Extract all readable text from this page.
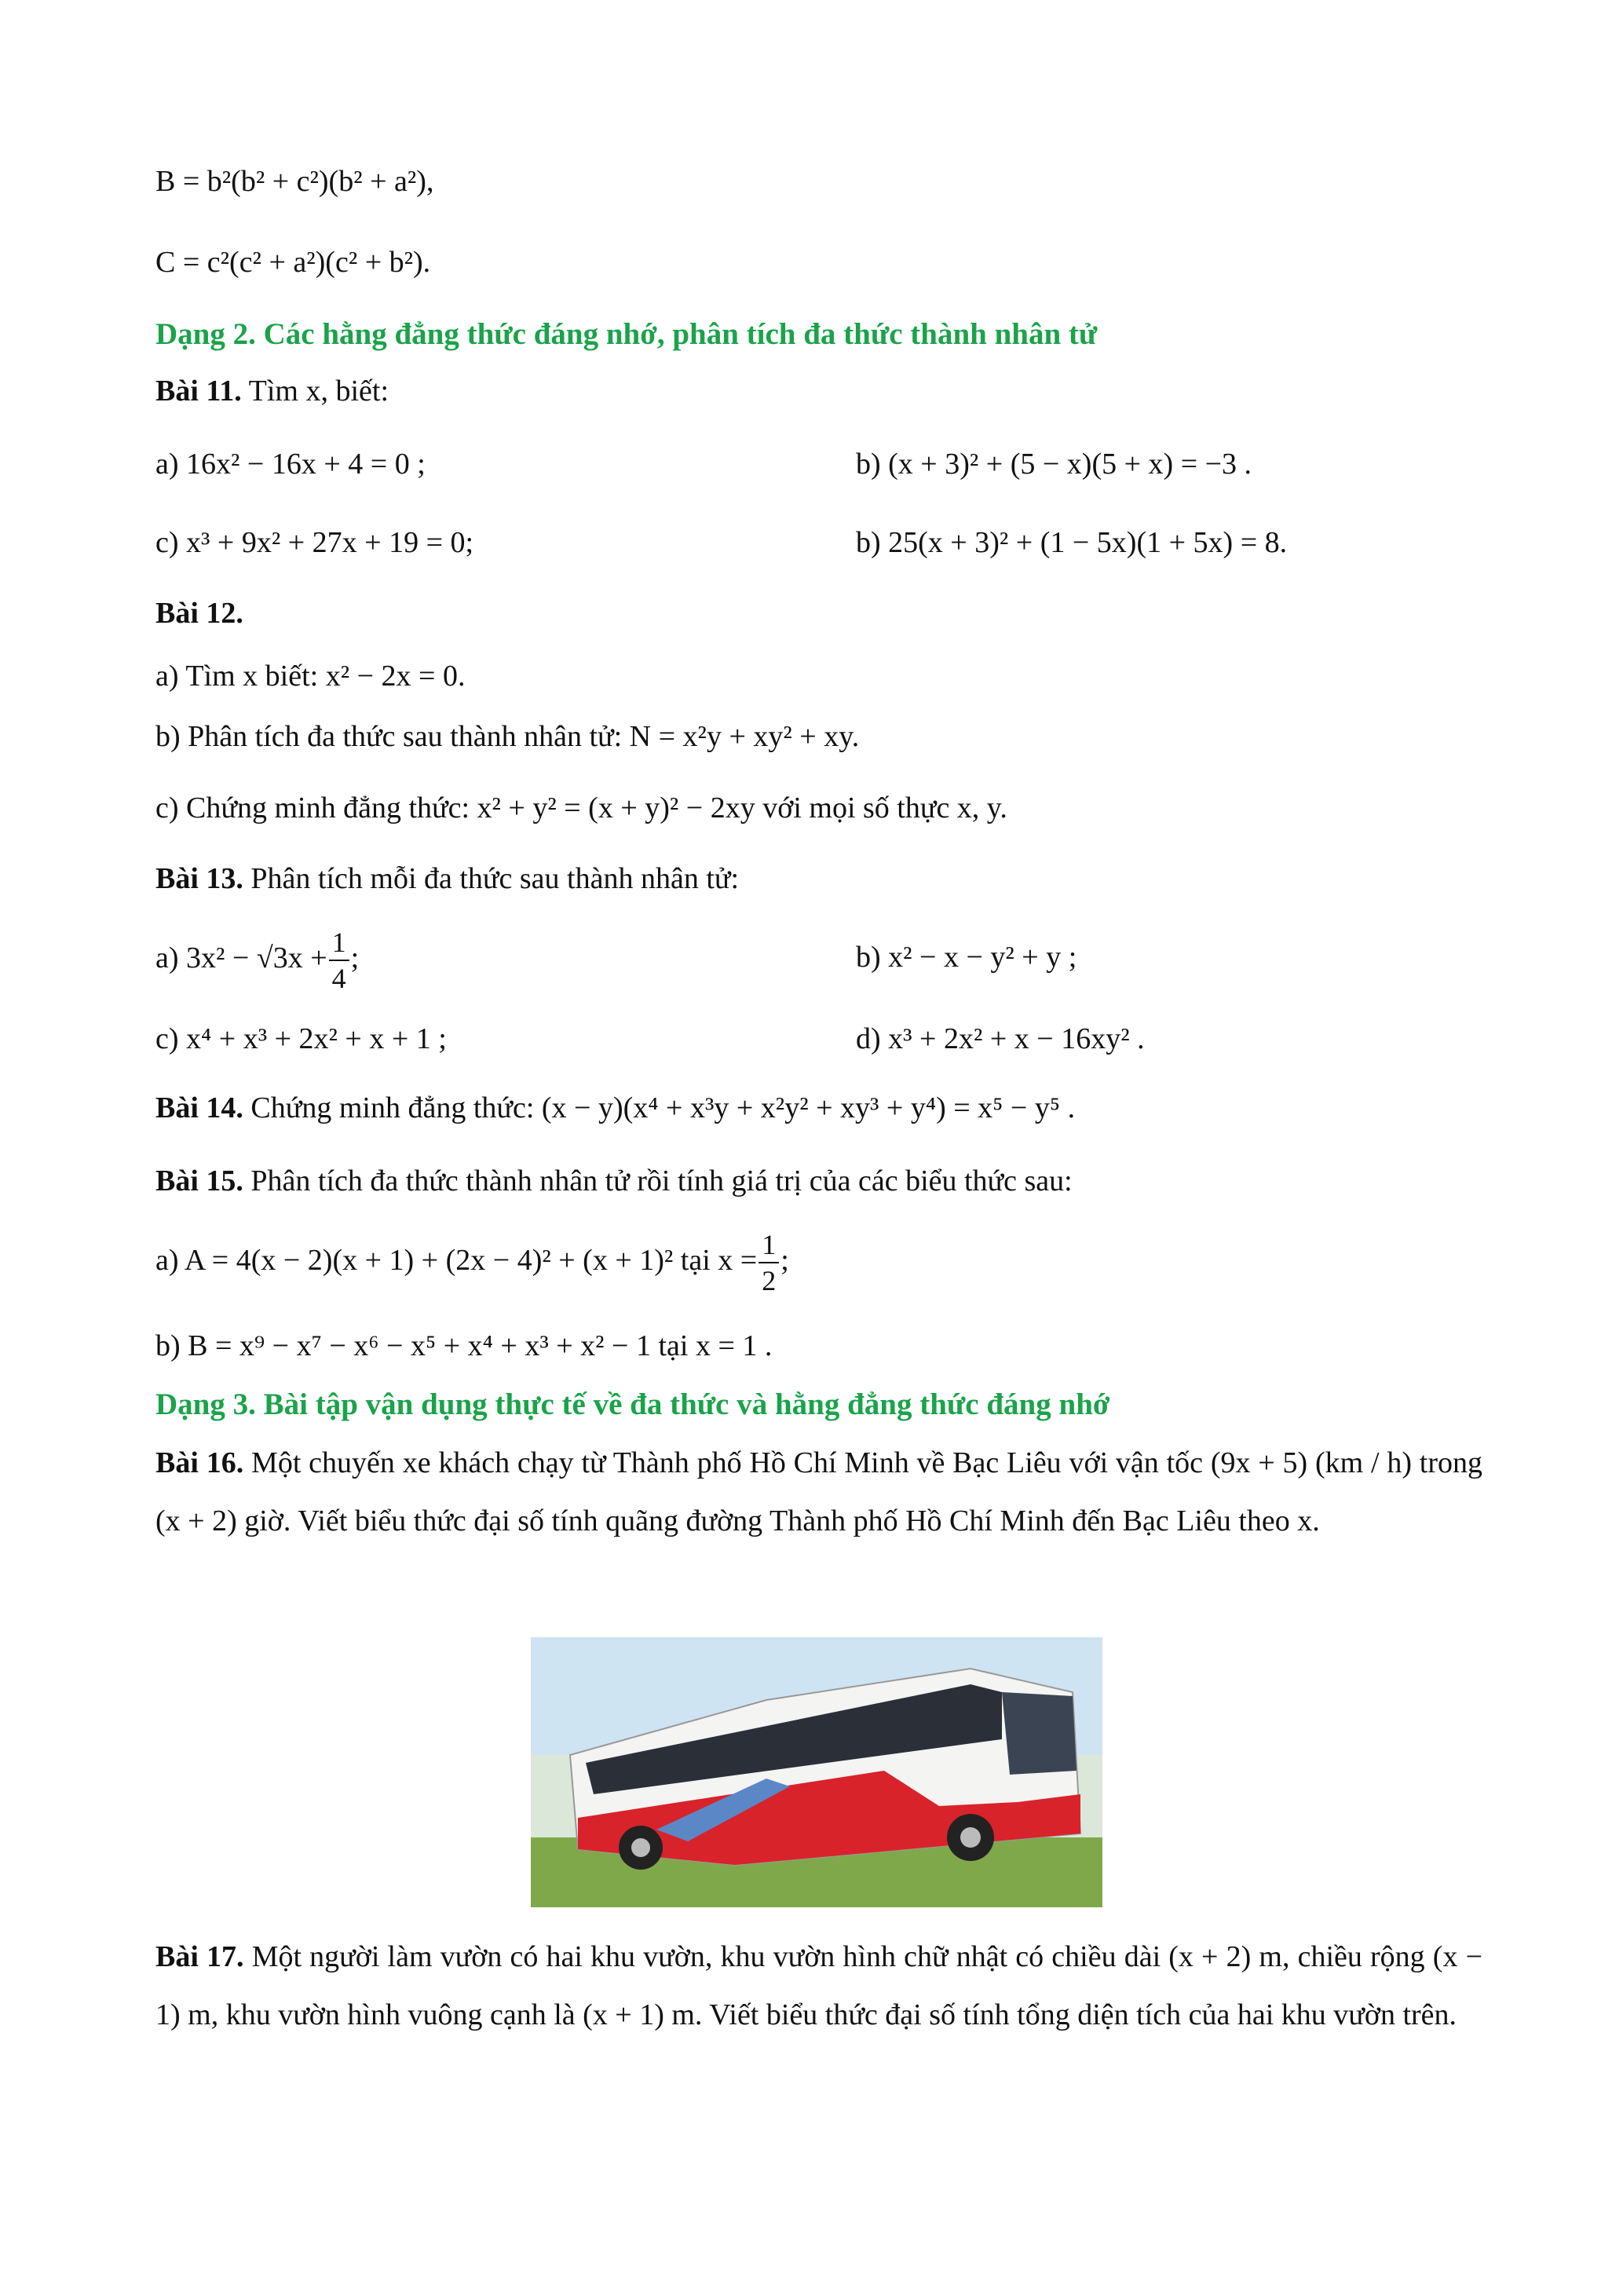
B = b²(b² + c²)(b² + a²),
C = c²(c² + a²)(c² + b²).
Dạng 2. Các hằng đẳng thức đáng nhớ, phân tích đa thức thành nhân tử
Bài 11. Tìm x, biết:
a) 16x² − 16x + 4 = 0 ;	b) (x + 3)² + (5 − x)(5 + x) = −3 .
c) x³ + 9x² + 27x + 19 = 0;	b) 25(x + 3)² + (1 − 5x)(1 + 5x) = 8.
Bài 12.
a) Tìm x biết: x² − 2x = 0.
b) Phân tích đa thức sau thành nhân tử: N = x²y + xy² + xy.
c) Chứng minh đẳng thức: x² + y² = (x + y)² − 2xy với mọi số thực x, y.
Bài 13. Phân tích mỗi đa thức sau thành nhân tử:
a) $3x^2 - √3x + \frac{1}{4}$ ;	b) x² − x − y² + y ;
c) x⁴ + x³ + 2x² + x + 1 ;	d) x³ + 2x² + x − 16xy² .
Bài 14. Chứng minh đẳng thức: (x − y)(x⁴ + x³y + x²y² + xy³ + y⁴) = x⁵ − y⁵ .
Bài 15. Phân tích đa thức thành nhân tử rồi tính giá trị của các biểu thức sau:
a) A = 4(x − 2)(x + 1) + (2x − 4)² + (x + 1)² tại $x = \frac{1}{2}$ ;
b) B = x⁹ − x⁷ − x⁶ − x⁵ + x⁴ + x³ + x² − 1 tại x = 1 .
Dạng 3. Bài tập vận dụng thực tế về đa thức và hằng đẳng thức đáng nhớ
Bài 16. Một chuyến xe khách chạy từ Thành phố Hồ Chí Minh về Bạc Liêu với vận tốc (9x + 5) (km / h) trong (x + 2) giờ. Viết biểu thức đại số tính quãng đường Thành phố Hồ Chí Minh đến Bạc Liêu theo x.
Bài 17. Một người làm vườn có hai khu vườn, khu vườn hình chữ nhật có chiều dài (x + 2) m, chiều rộng (x − 1) m, khu vườn hình vuông cạnh là (x + 1) m. Viết biểu thức đại số tính tổng diện tích của hai khu vườn trên.
